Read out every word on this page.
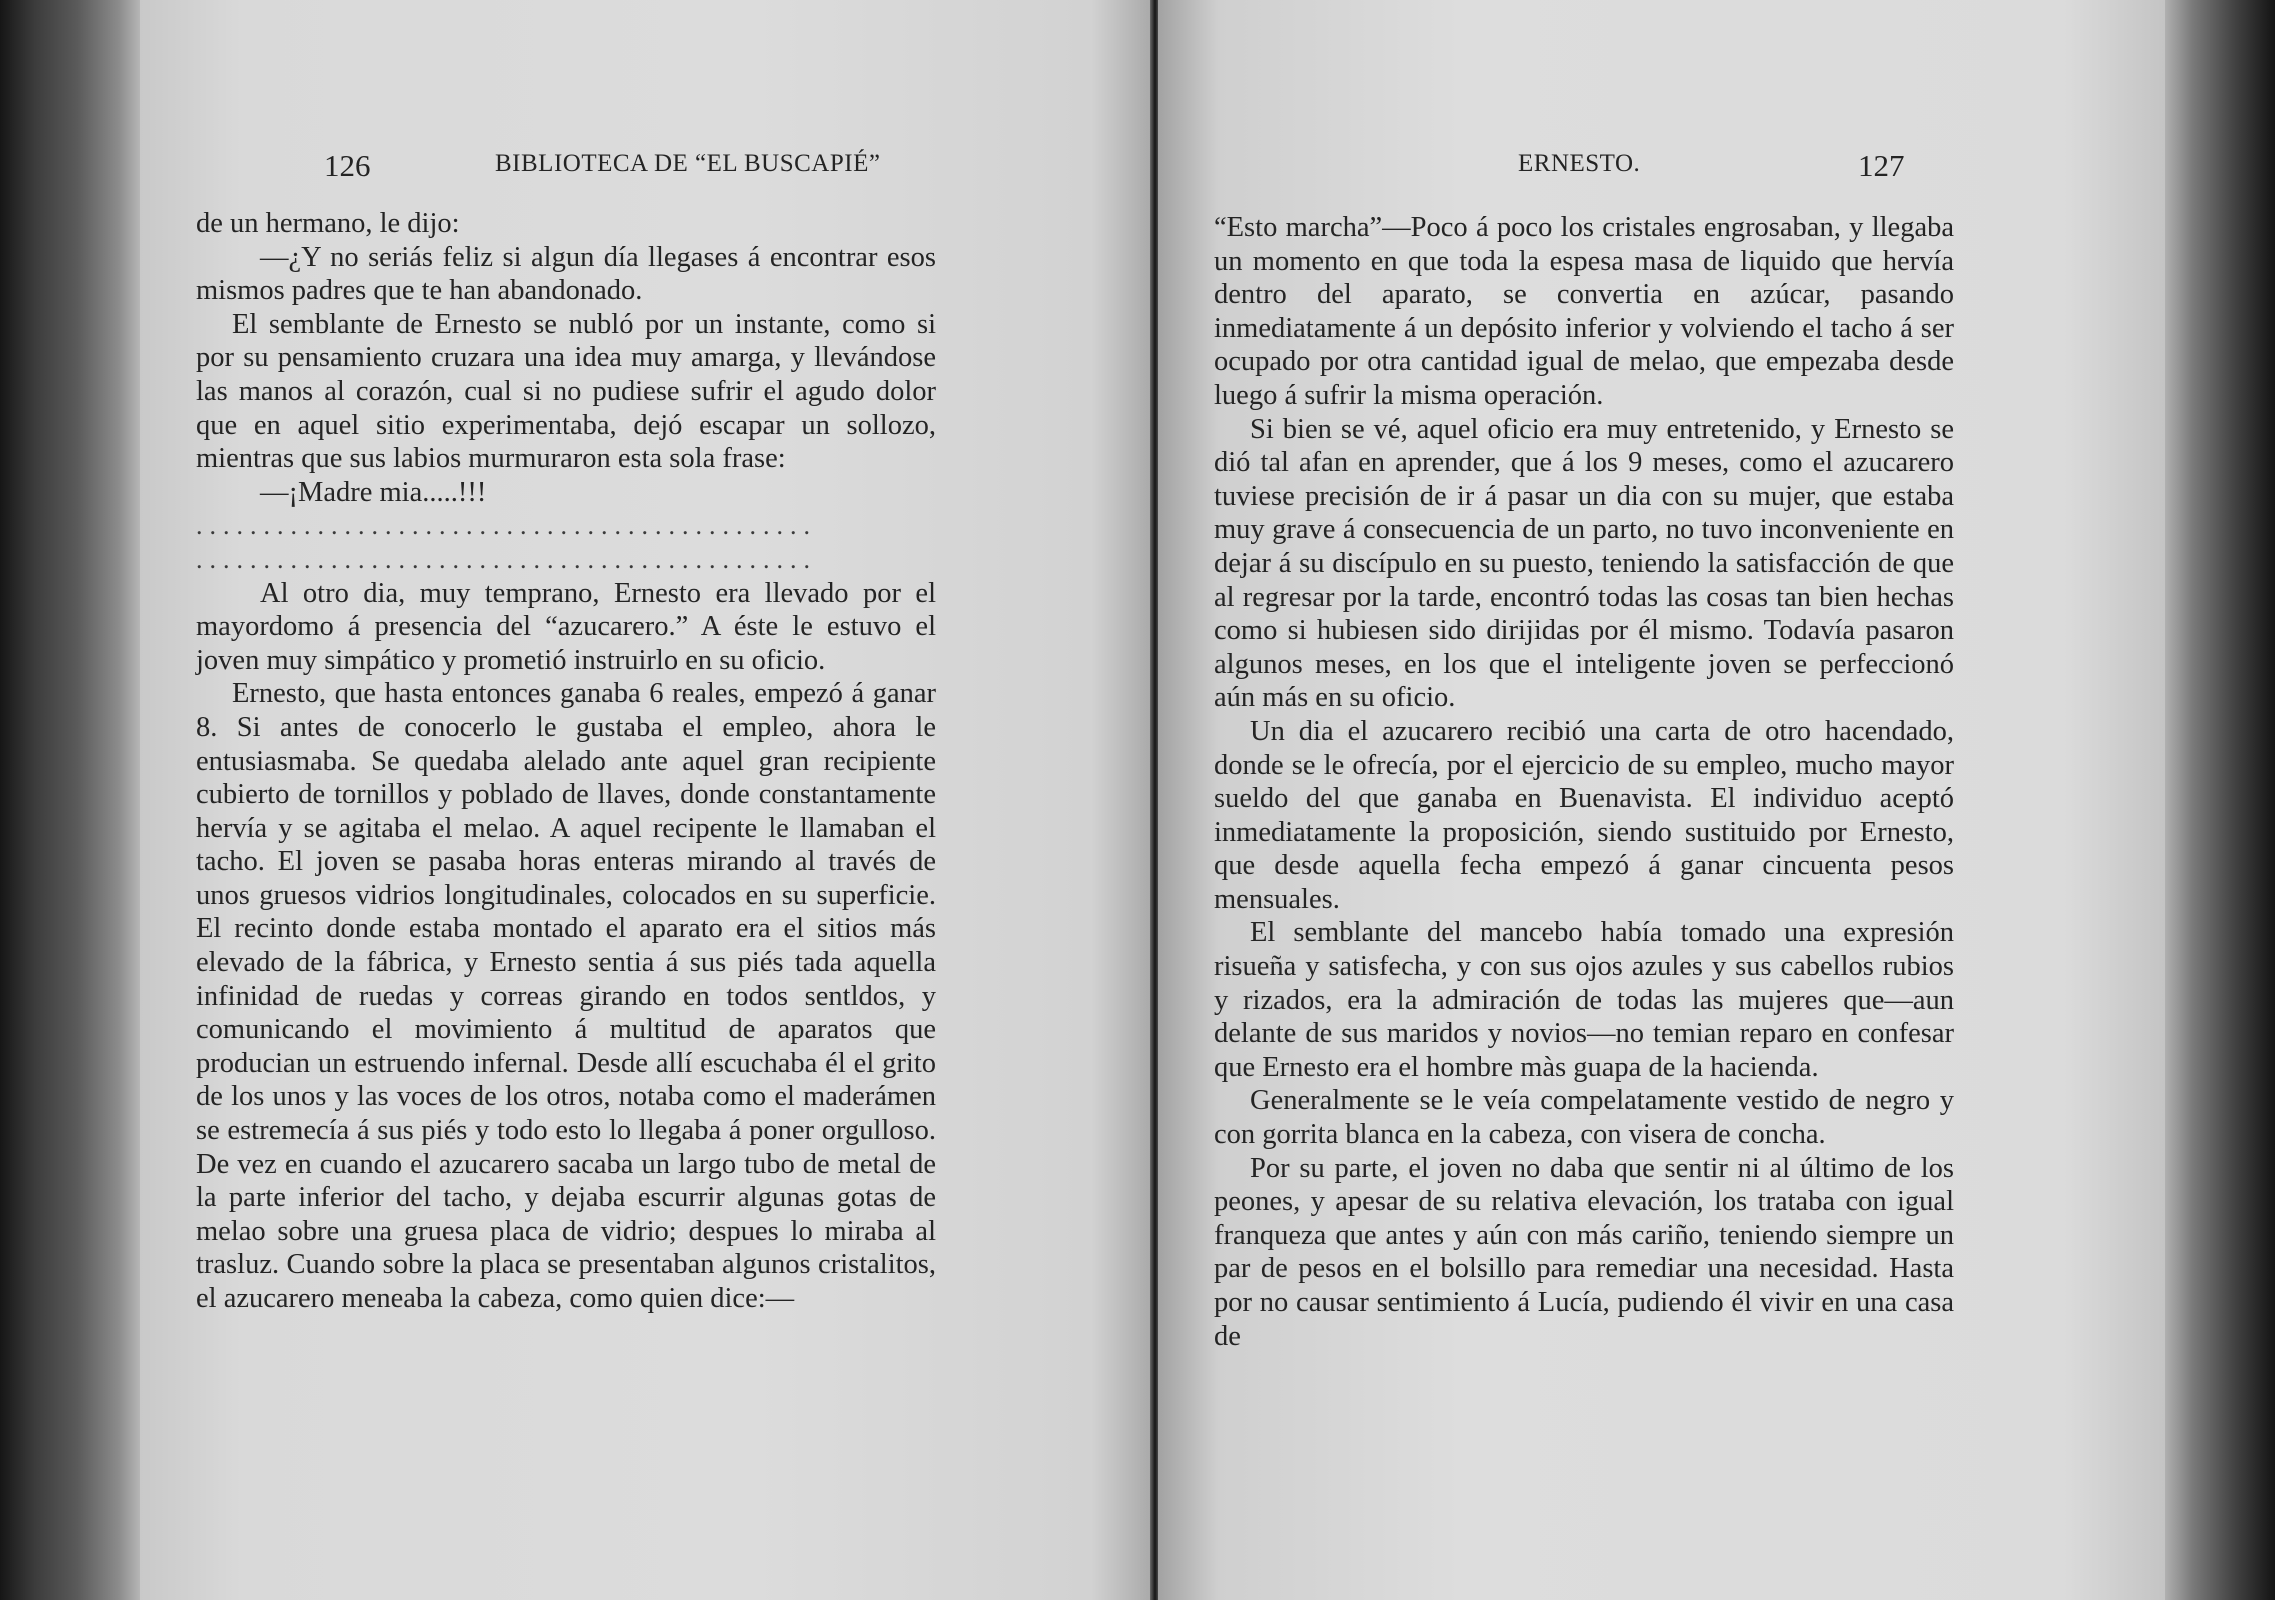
126	BIBLIOTECA DE “EL BUSCAPIÉ”

de un hermano, le dijo:

—¿Y no seriás feliz si algun día llegases á encontrar esos mismos padres que te han abandonado.

El semblante de Ernesto se nubló por un instante, como si por su pensamiento cruzara una idea muy amarga, y llevándose las manos al corazón, cual si no pudiese sufrir el agudo dolor que en aquel sitio experimentaba, dejó escapar un sollozo, mientras que sus labios murmuraron esta sola frase:

—¡Madre mia.....!!!

..............................................

..............................................

Al otro dia, muy temprano, Ernesto era llevado por el mayordomo á presencia del “azucarero.” A éste le estuvo el joven muy simpático y prometió instruirlo en su oficio.

Ernesto, que hasta entonces ganaba 6 reales, empezó á ganar 8. Si antes de conocerlo le gustaba el empleo, ahora le entusiasmaba. Se quedaba alelado ante aquel gran recipiente cubierto de tornillos y poblado de llaves, donde constantamente hervía y se agitaba el melao. A aquel recipente le llamaban el tacho. El joven se pasaba horas enteras mirando al través de unos gruesos vidrios longitudinales, colocados en su superficie. El recinto donde estaba montado el aparato era el sitios más elevado de la fábrica, y Ernesto sentia á sus piés tada aquella infinidad de ruedas y correas girando en todos sentldos, y comunicando el movimiento á multitud de aparatos que producian un estruendo infernal. Desde allí escuchaba él el grito de los unos y las voces de los otros, notaba como el maderámen se estremecía á sus piés y todo esto lo llegaba á poner orgulloso. De vez en cuando el azucarero sacaba un largo tubo de metal de la parte inferior del tacho, y dejaba escurrir algunas gotas de melao sobre una gruesa placa de vidrio; despues lo miraba al trasluz. Cuando sobre la placa se presentaban algunos cristalitos, el azucarero meneaba la cabeza, como quien dice:—

ERNESTO.	127

“Esto marcha”—Poco á poco los cristales engrosaban, y llegaba un momento en que toda la espesa masa de liquido que hervía dentro del aparato, se convertia en azúcar, pasando inmediatamente á un depósito inferior y volviendo el tacho á ser ocupado por otra cantidad igual de melao, que empezaba desde luego á sufrir la misma operación.

Si bien se vé, aquel oficio era muy entretenido, y Ernesto se dió tal afan en aprender, que á los 9 meses, como el azucarero tuviese precisión de ir á pasar un dia con su mujer, que estaba muy grave á consecuencia de un parto, no tuvo inconveniente en dejar á su discípulo en su puesto, teniendo la satisfacción de que al regresar por la tarde, encontró todas las cosas tan bien hechas como si hubiesen sido dirijidas por él mismo. Todavía pasaron algunos meses, en los que el inteligente joven se perfeccionó aún más en su oficio.

Un dia el azucarero recibió una carta de otro hacendado, donde se le ofrecía, por el ejercicio de su empleo, mucho mayor sueldo del que ganaba en Buenavista. El individuo aceptó inmediatamente la proposición, siendo sustituido por Ernesto, que desde aquella fecha empezó á ganar cincuenta pesos mensuales.

El semblante del mancebo había tomado una expresión risueña y satisfecha, y con sus ojos azules y sus cabellos rubios y rizados, era la admiración de todas las mujeres que—aun delante de sus maridos y novios—no temian reparo en confesar que Ernesto era el hombre màs guapa de la hacienda.

Generalmente se le veía compelatamente vestido de negro y con gorrita blanca en la cabeza, con visera de concha.

Por su parte, el joven no daba que sentir ni al último de los peones, y apesar de su relativa elevación, los trataba con igual franqueza que antes y aún con más cariño, teniendo siempre un par de pesos en el bolsillo para remediar una necesidad. Hasta por no causar sentimiento á Lucía, pudiendo él vivir en una casa de
